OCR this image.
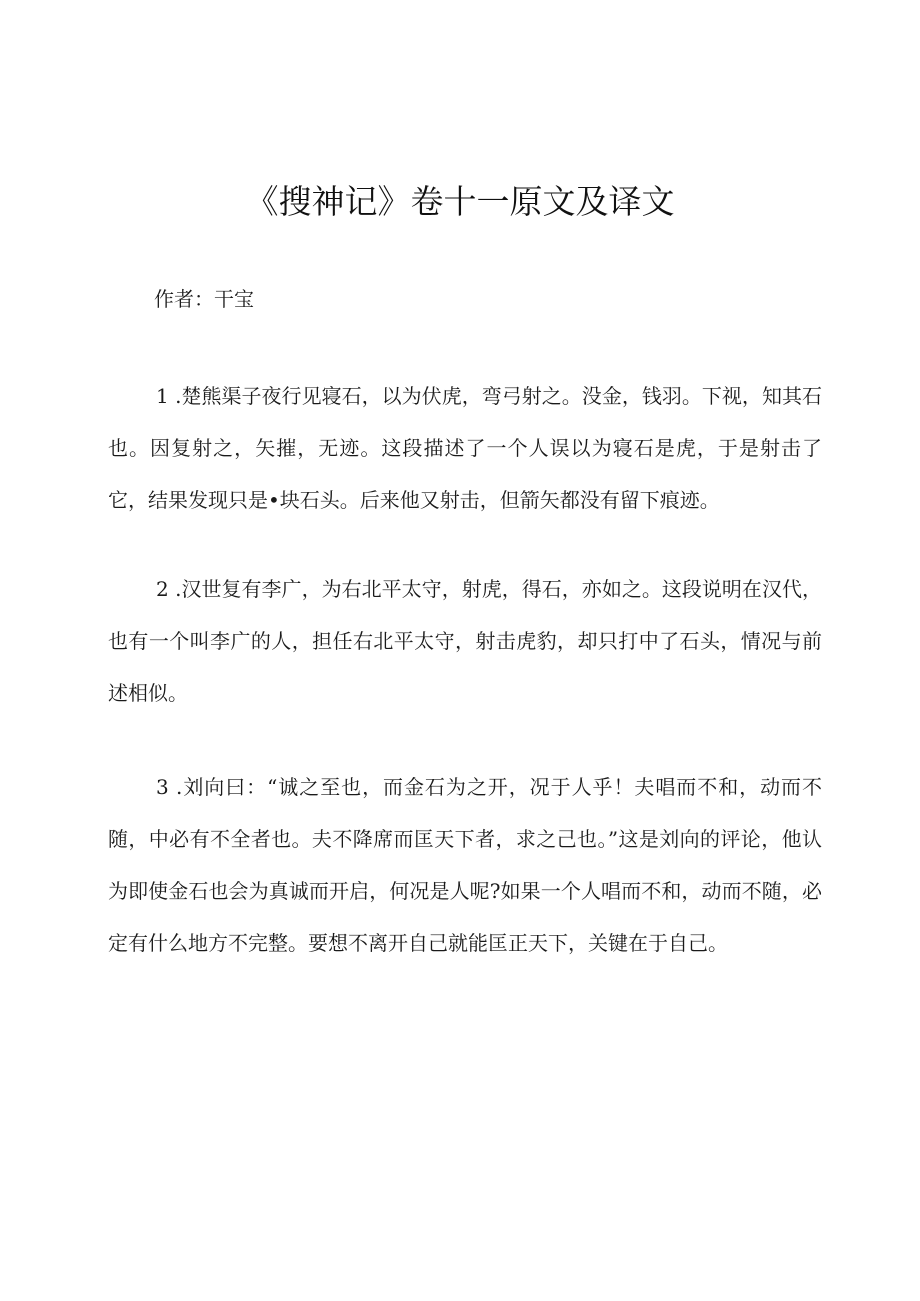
《搜神记》卷十一原文及译文

作者：干宝

1 .楚熊渠子夜行见寝石，以为伏虎，弯弓射之。没金，钱羽。下视，知其石也。因复射之，矢摧，无迹。这段描述了一个人误以为寝石是虎，于是射击了它，结果发现只是•块石头。后来他又射击，但箭矢都没有留下痕迹。

2 .汉世复有李广，为右北平太守，射虎，得石，亦如之。这段说明在汉代，也有一个叫李广的人，担任右北平太守，射击虎豹，却只打中了石头，情况与前述相似。

3 .刘向曰：“诚之至也，而金石为之开，况于人乎！夫唱而不和，动而不随，中必有不全者也。夫不降席而匡天下者，求之己也。”这是刘向的评论，他认为即使金石也会为真诚而开启，何况是人呢?如果一个人唱而不和，动而不随，必定有什么地方不完整。要想不离开自己就能匡正天下，关键在于自己。
